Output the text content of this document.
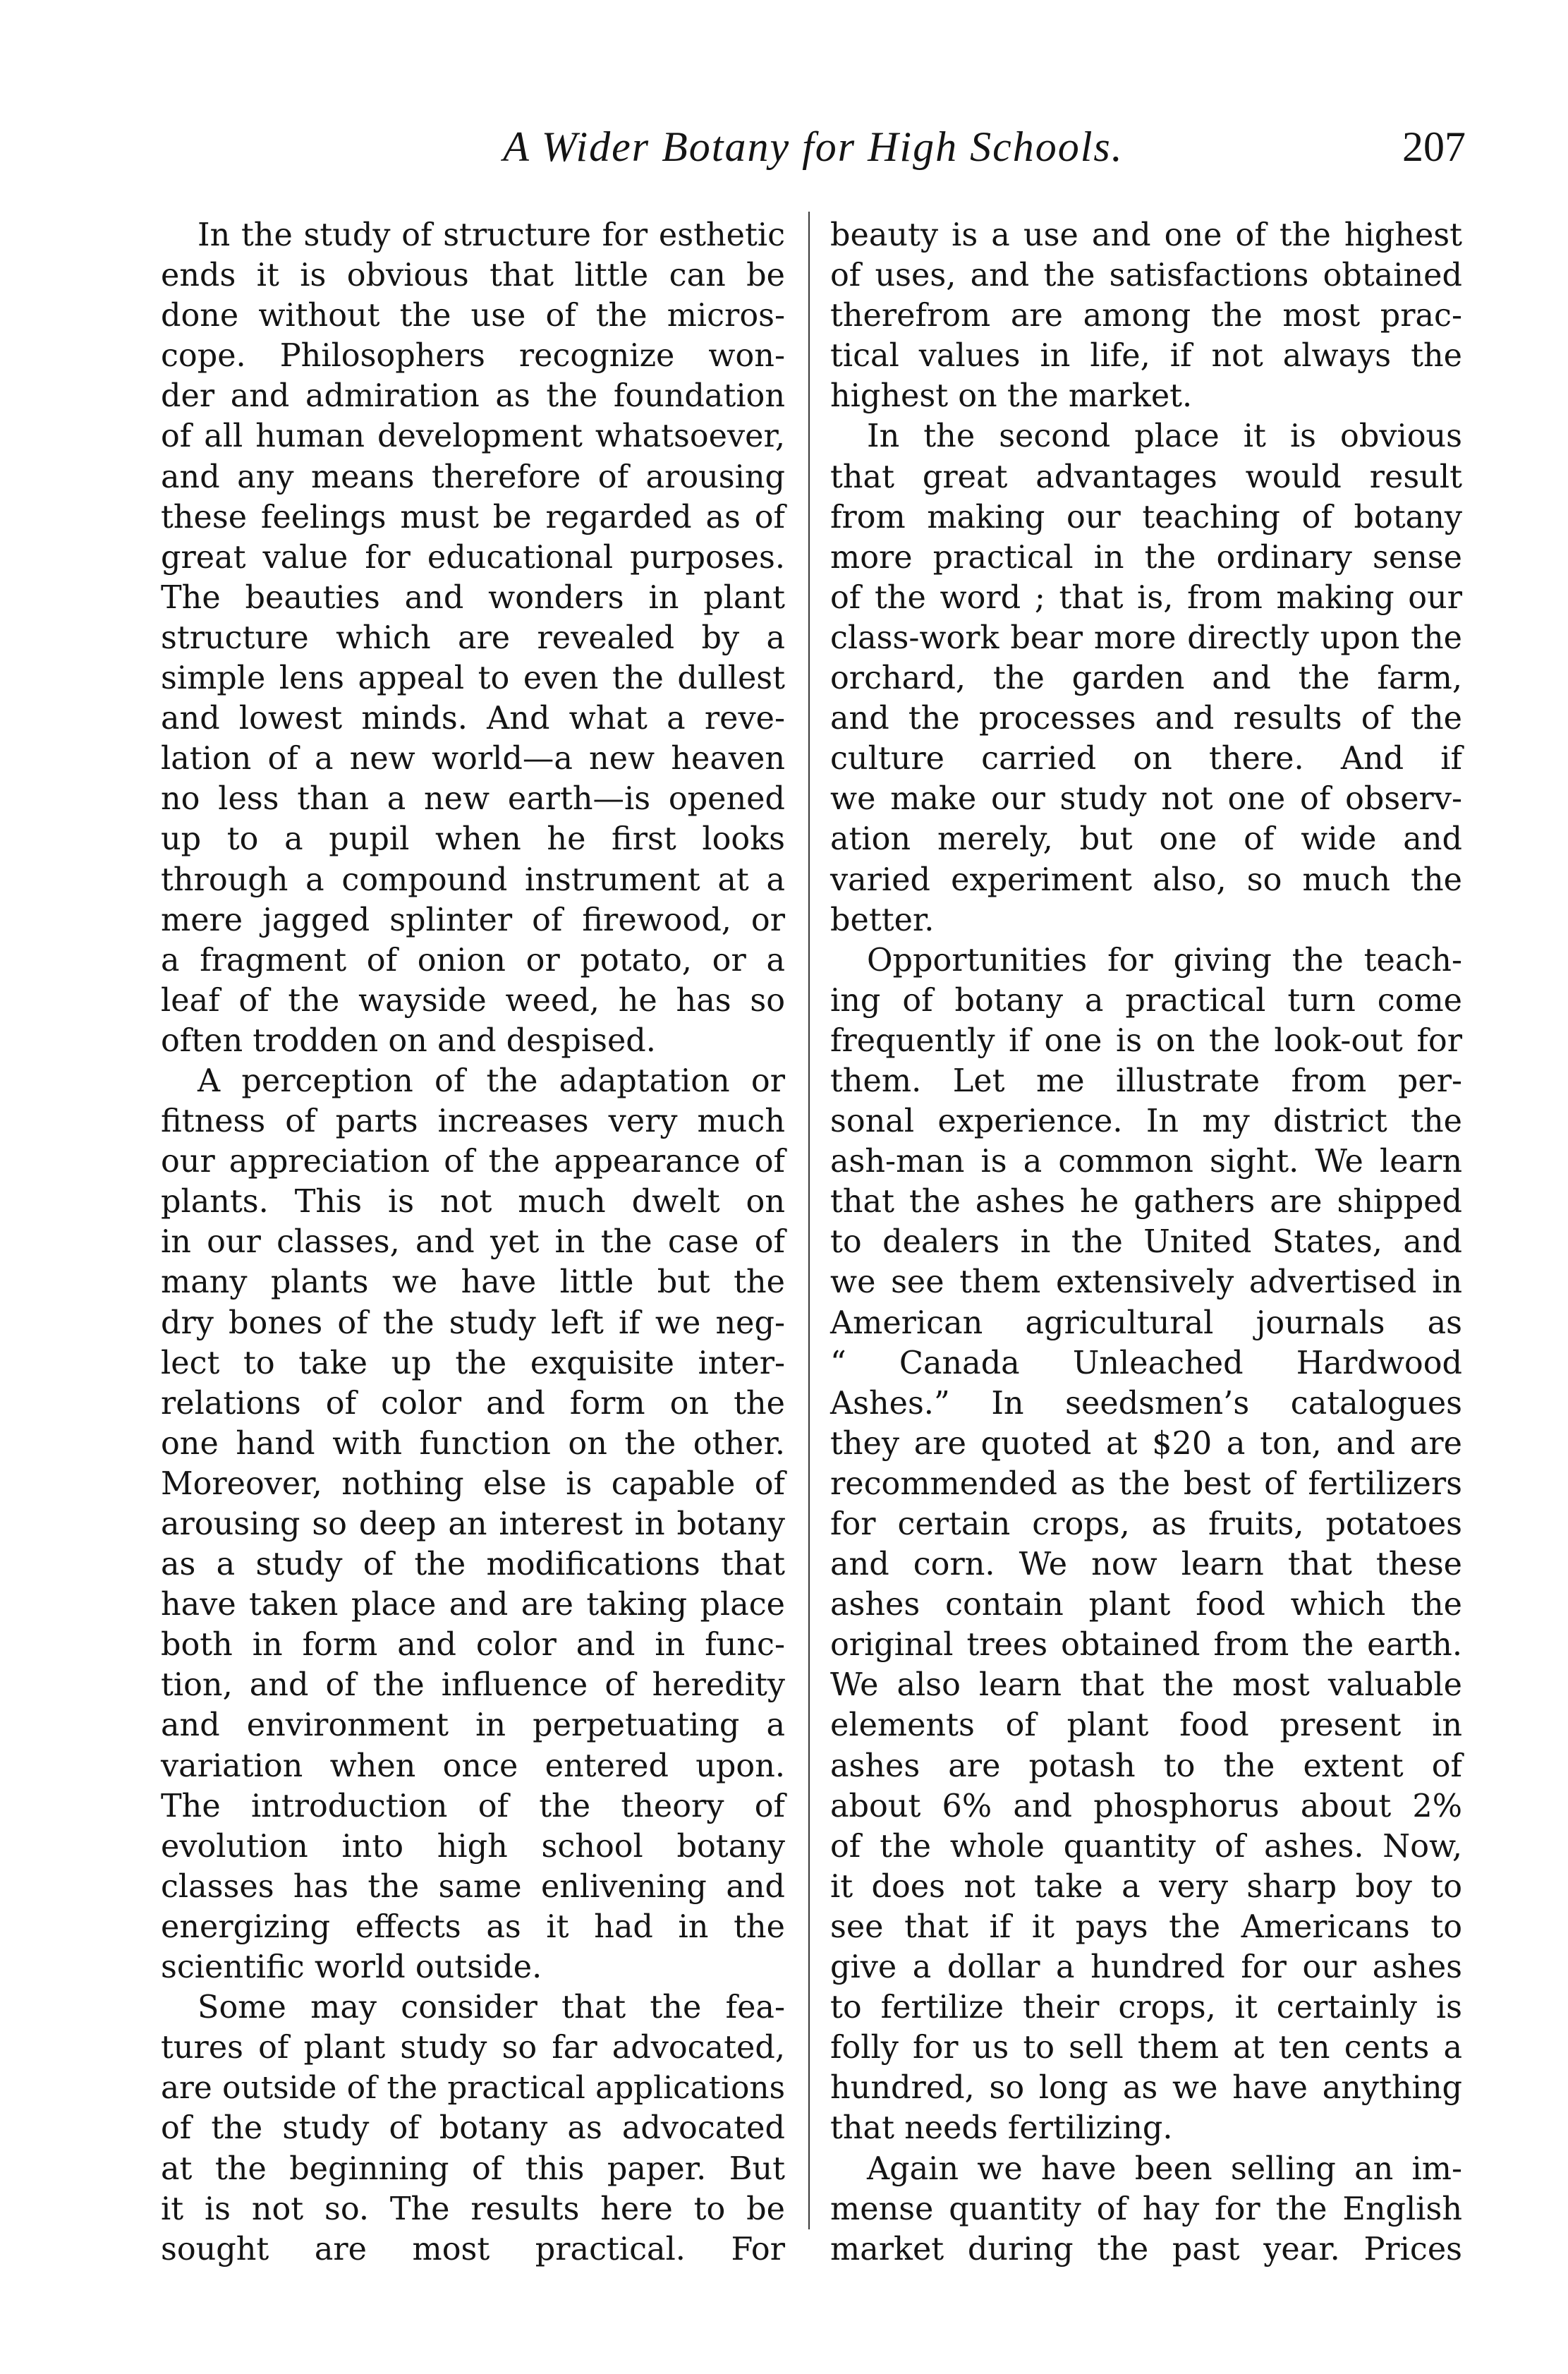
A Wider Botany for High Schools.	207
In the study of structure for esthetic
ends it is obvious that little can be
done without the use of the micros-
cope. Philosophers recognize won-
der and admiration as the foundation
of all human development whatsoever,
and any means therefore of arousing
these feelings must be regarded as of
great value for educational purposes.
The beauties and wonders in plant
structure which are revealed by a
simple lens appeal to even the dullest
and lowest minds. And what a reve-
lation of a new world—a new heaven
no less than a new earth—is opened
up to a pupil when he first looks
through a compound instrument at a
mere jagged splinter of firewood, or
a fragment of onion or potato, or a
leaf of the wayside weed, he has so
often trodden on and despised.
A perception of the adaptation or
fitness of parts increases very much
our appreciation of the appearance of
plants. This is not much dwelt on
in our classes, and yet in the case of
many plants we have little but the
dry bones of the study left if we neg-
lect to take up the exquisite inter-
relations of color and form on the
one hand with function on the other.
Moreover, nothing else is capable of
arousing so deep an interest in botany
as a study of the modifications that
have taken place and are taking place
both in form and color and in func-
tion, and of the influence of heredity
and environment in perpetuating a
variation when once entered upon.
The introduction of the theory of
evolution into high school botany
classes has the same enlivening and
energizing effects as it had in the
scientific world outside.
Some may consider that the fea-
tures of plant study so far advocated,
are outside of the practical applications
of the study of botany as advocated
at the beginning of this paper. But
it is not so. The results here to be
sought are most practical. For
beauty is a use and one of the highest
of uses, and the satisfactions obtained
therefrom are among the most prac-
tical values in life, if not always the
highest on the market.
In the second place it is obvious
that great advantages would result
from making our teaching of botany
more practical in the ordinary sense
of the word ; that is, from making our
class-work bear more directly upon the
orchard, the garden and the farm,
and the processes and results of the
culture carried on there. And if
we make our study not one of observ-
ation merely, but one of wide and
varied experiment also, so much the
better.
Opportunities for giving the teach-
ing of botany a practical turn come
frequently if one is on the look-out for
them. Let me illustrate from per-
sonal experience. In my district the
ash-man is a common sight. We learn
that the ashes he gathers are shipped
to dealers in the United States, and
we see them extensively advertised in
American agricultural journals as
“ Canada Unleached Hardwood
Ashes.” In seedsmen’s catalogues
they are quoted at $20 a ton, and are
recommended as the best of fertilizers
for certain crops, as fruits, potatoes
and corn. We now learn that these
ashes contain plant food which the
original trees obtained from the earth.
We also learn that the most valuable
elements of plant food present in
ashes are potash to the extent of
about 6% and phosphorus about 2%
of the whole quantity of ashes. Now,
it does not take a very sharp boy to
see that if it pays the Americans to
give a dollar a hundred for our ashes
to fertilize their crops, it certainly is
folly for us to sell them at ten cents a
hundred, so long as we have anything
that needs fertilizing.
Again we have been selling an im-
mense quantity of hay for the English
market during the past year. Prices
